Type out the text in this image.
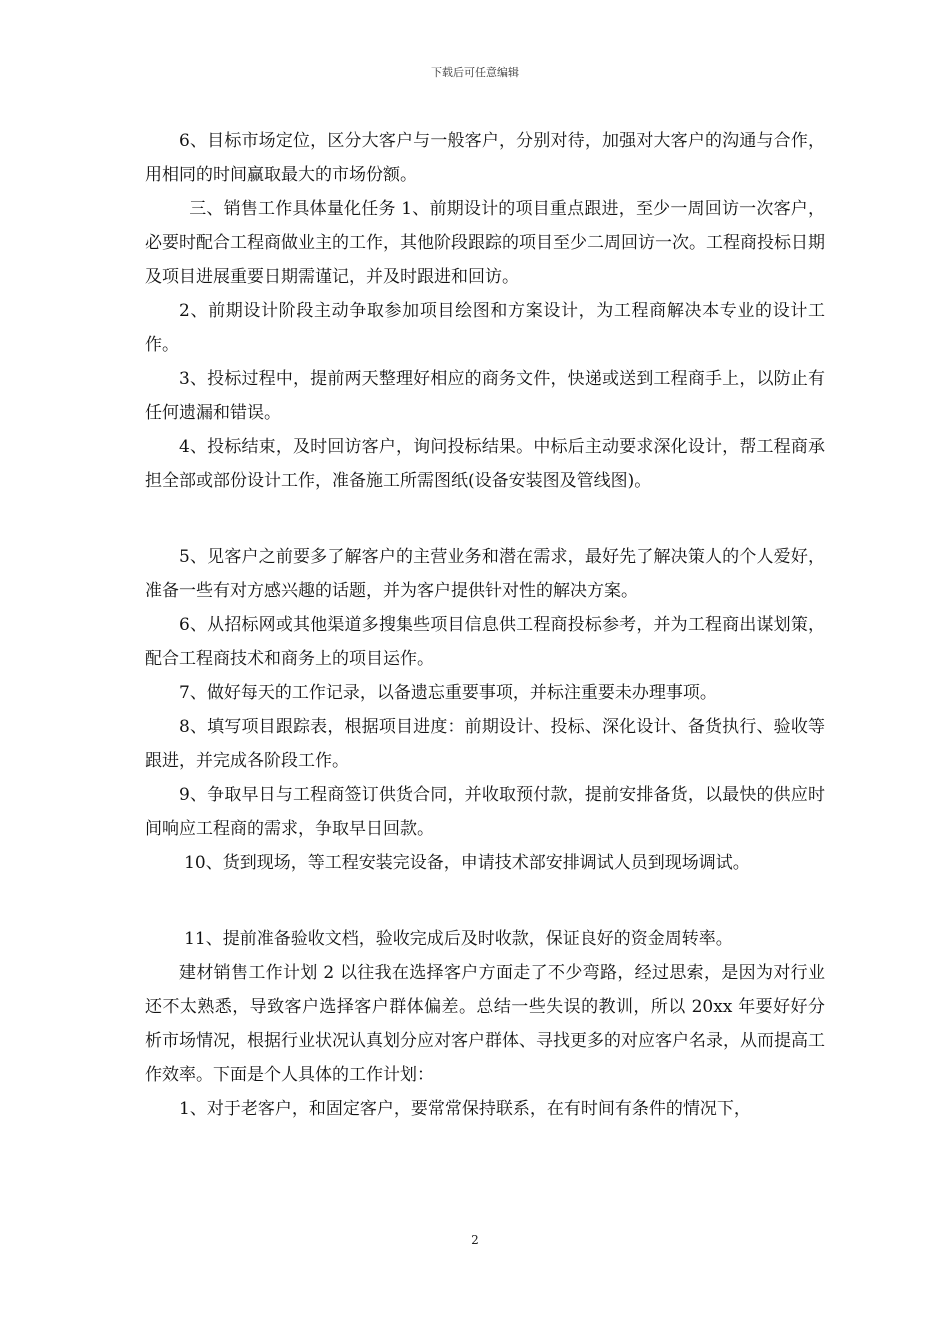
下载后可任意编辑

6、目标市场定位，区分大客户与一般客户，分别对待，加强对大客户的沟通与合作，用相同的时间赢取最大的市场份额。

三、销售工作具体量化任务 1、前期设计的项目重点跟进，至少一周回访一次客户，必要时配合工程商做业主的工作，其他阶段跟踪的项目至少二周回访一次。工程商投标日期及项目进展重要日期需谨记，并及时跟进和回访。

2、前期设计阶段主动争取参加项目绘图和方案设计，为工程商解决本专业的设计工作。

3、投标过程中，提前两天整理好相应的商务文件，快递或送到工程商手上，以防止有任何遗漏和错误。

4、投标结束，及时回访客户，询问投标结果。中标后主动要求深化设计，帮工程商承担全部或部份设计工作，准备施工所需图纸(设备安装图及管线图)。

5、见客户之前要多了解客户的主营业务和潜在需求，最好先了解决策人的个人爱好，准备一些有对方感兴趣的话题，并为客户提供针对性的解决方案。

6、从招标网或其他渠道多搜集些项目信息供工程商投标参考，并为工程商出谋划策，配合工程商技术和商务上的项目运作。

7、做好每天的工作记录，以备遗忘重要事项，并标注重要未办理事项。

8、填写项目跟踪表，根据项目进度：前期设计、投标、深化设计、备货执行、验收等跟进，并完成各阶段工作。

9、争取早日与工程商签订供货合同，并收取预付款，提前安排备货，以最快的供应时间响应工程商的需求，争取早日回款。

10、货到现场，等工程安装完设备，申请技术部安排调试人员到现场调试。

11、提前准备验收文档，验收完成后及时收款，保证良好的资金周转率。

建材销售工作计划 2 以往我在选择客户方面走了不少弯路，经过思索，是因为对行业还不太熟悉，导致客户选择客户群体偏差。总结一些失误的教训，所以 20xx 年要好好分析市场情况，根据行业状况认真划分应对客户群体、寻找更多的对应客户名录，从而提高工作效率。下面是个人具体的工作计划：

1、对于老客户，和固定客户，要常常保持联系，在有时间有条件的情况下，

2
